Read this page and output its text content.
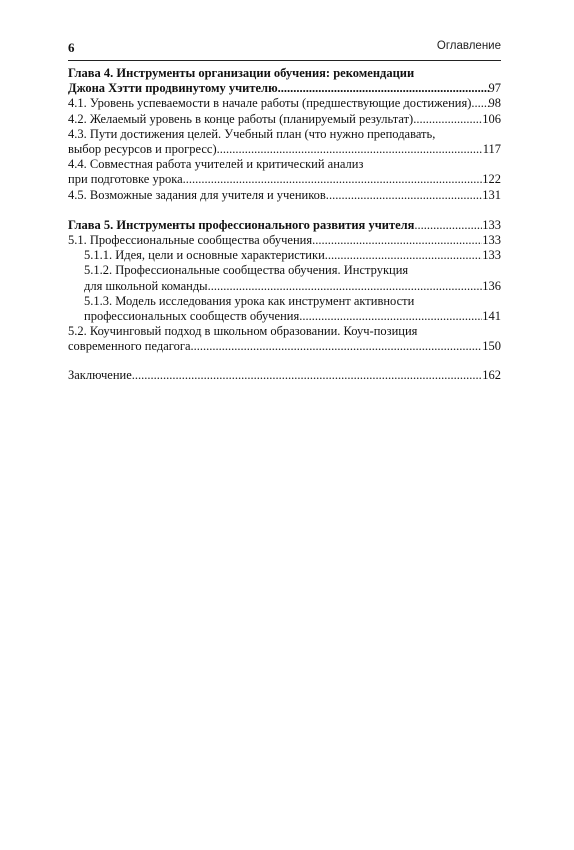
6	Оглавление
Глава 4. Инструменты организации обучения: рекомендации
Джона Хэтти продвинутому учителю .....	97
4.1. Уровень успеваемости в начале работы (предшествующие достижения) ..... 98
4.2. Желаемый уровень в конце работы (планируемый результат). .....	106
4.3. Пути достижения целей. Учебный план (что нужно преподавать,
выбор ресурсов и прогресс) .....	117
4.4. Совместная работа учителей и критический анализ
при подготовке урока. .....	122
4.5. Возможные задания для учителя и учеников. .....	131
Глава 5. Инструменты профессионального развития учителя .....	133
5.1. Профессиональные сообщества обучения. .....	133
5.1.1. Идея, цели и основные характеристики. .....	133
5.1.2. Профессиональные сообщества обучения. Инструкция
для школьной команды. .....	136
5.1.3. Модель исследования урока как инструмент активности
профессиональных сообществ обучения. .....	141
5.2. Коучинговый подход в школьном образовании. Коуч-позиция
современного педагога .....	150
Заключение. .....	162
